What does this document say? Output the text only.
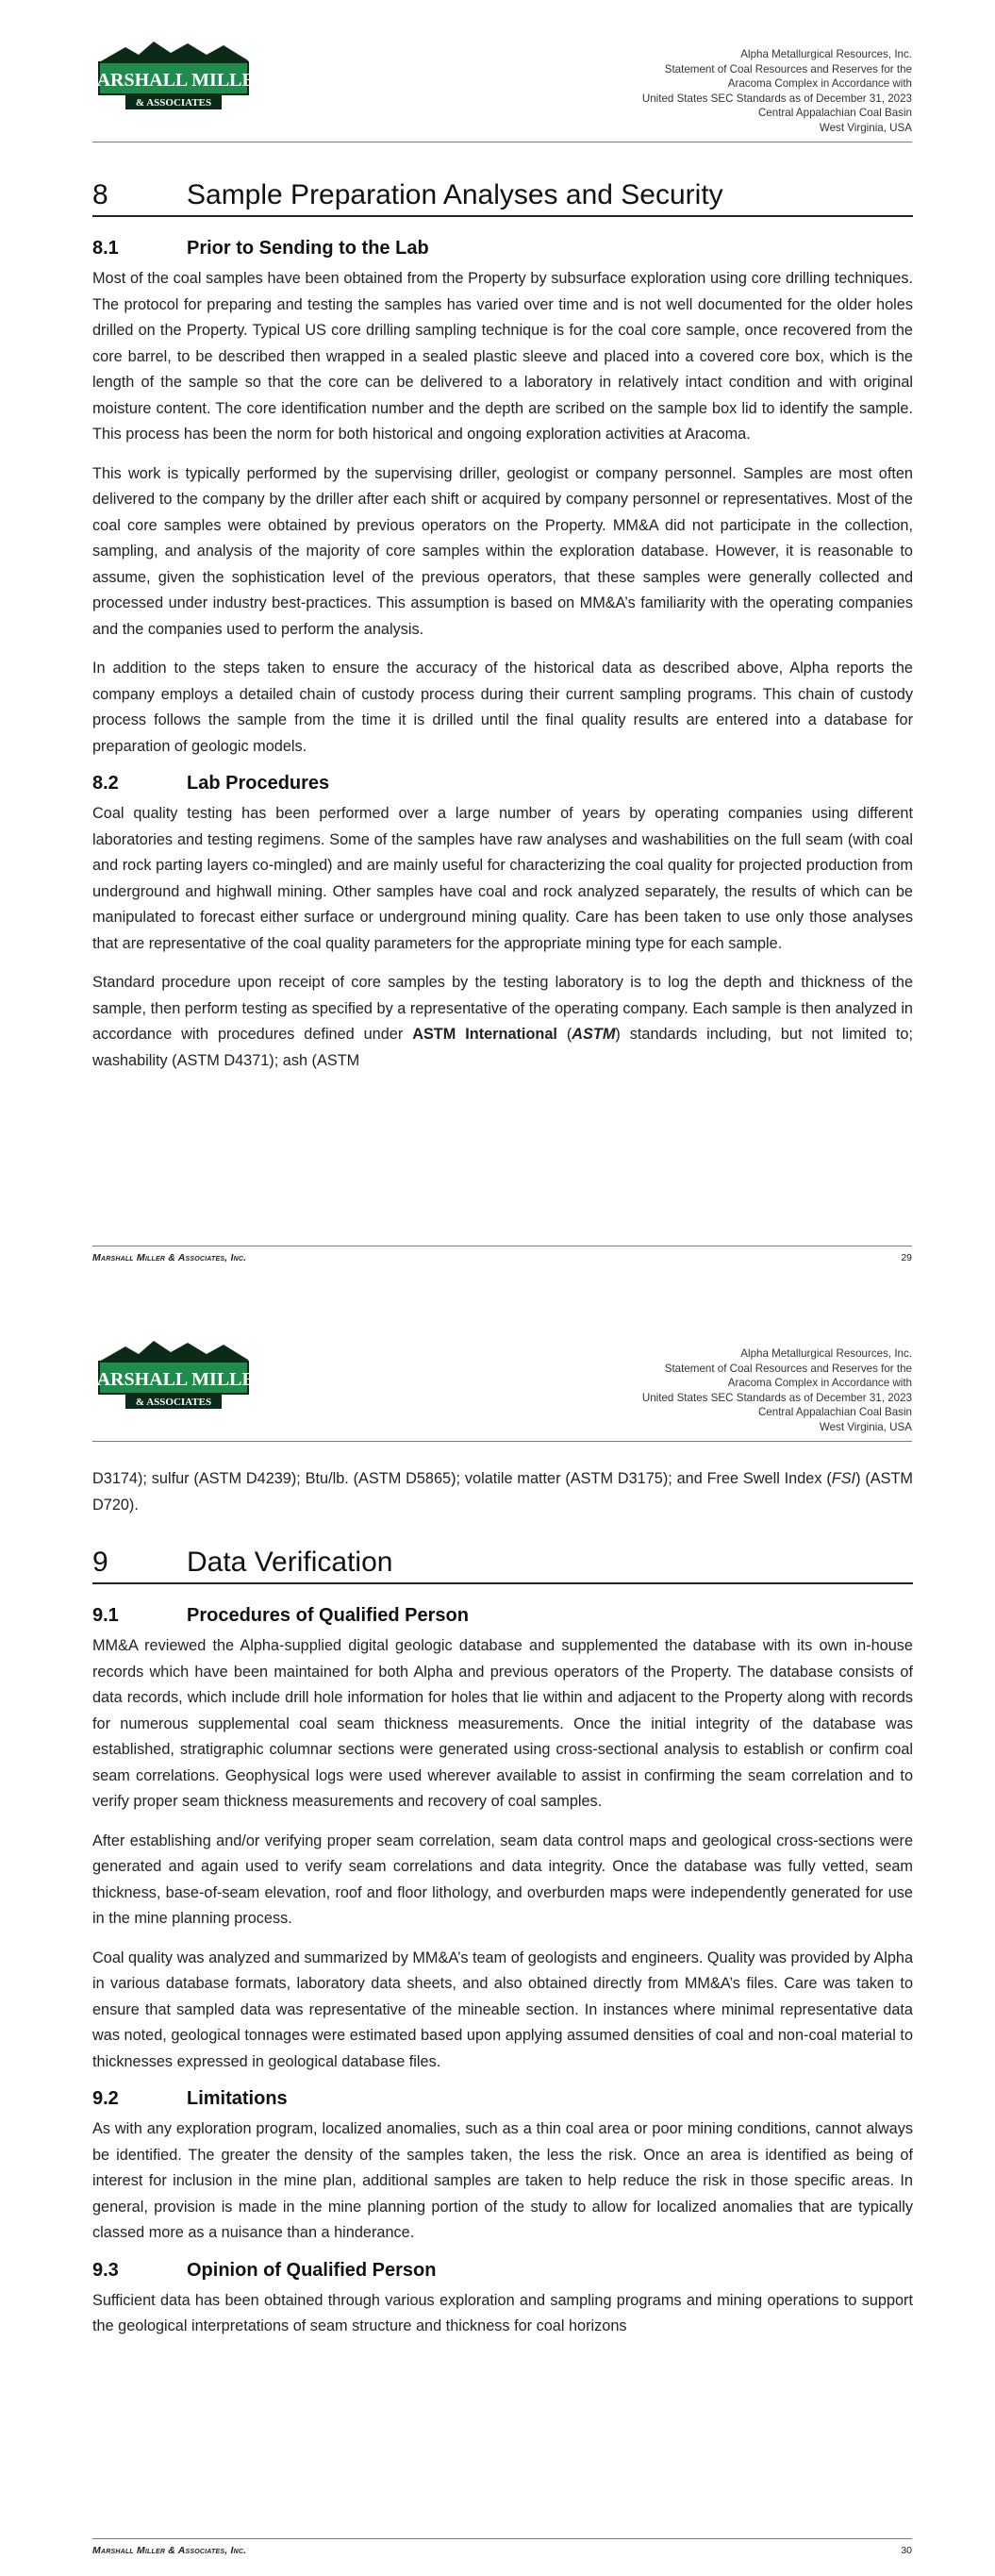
MARSHALL MILLER
& ASSOCIATES
Alpha Metallurgical Resources, Inc.
Statement of Coal Resources and Reserves for the
Aracoma Complex in Accordance with
United States SEC Standards as of December 31, 2023
Central Appalachian Coal Basin
West Virginia, USA
8	Sample Preparation Analyses and Security
8.1	Prior to Sending to the Lab

Most of the coal samples have been obtained from the Property by subsurface exploration using core drilling techniques. The protocol for preparing and testing the samples has varied over time and is not well documented for the older holes drilled on the Property. Typical US core drilling sampling technique is for the coal core sample, once recovered from the core barrel, to be described then wrapped in a sealed plastic sleeve and placed into a covered core box, which is the length of the sample so that the core can be delivered to a laboratory in relatively intact condition and with original moisture content. The core identification number and the depth are scribed on the sample box lid to identify the sample. This process has been the norm for both historical and ongoing exploration activities at Aracoma.

This work is typically performed by the supervising driller, geologist or company personnel. Samples are most often delivered to the company by the driller after each shift or acquired by company personnel or representatives. Most of the coal core samples were obtained by previous operators on the Property. MM&A did not participate in the collection, sampling, and analysis of the majority of core samples within the exploration database. However, it is reasonable to assume, given the sophistication level of the previous operators, that these samples were generally collected and processed under industry best-practices. This assumption is based on MM&A’s familiarity with the operating companies and the companies used to perform the analysis.

In addition to the steps taken to ensure the accuracy of the historical data as described above, Alpha reports the company employs a detailed chain of custody process during their current sampling programs. This chain of custody process follows the sample from the time it is drilled until the final quality results are entered into a database for preparation of geologic models.

8.2	Lab Procedures

Coal quality testing has been performed over a large number of years by operating companies using different laboratories and testing regimens. Some of the samples have raw analyses and washabilities on the full seam (with coal and rock parting layers co-mingled) and are mainly useful for characterizing the coal quality for projected production from underground and highwall mining. Other samples have coal and rock analyzed separately, the results of which can be manipulated to forecast either surface or underground mining quality. Care has been taken to use only those analyses that are representative of the coal quality parameters for the appropriate mining type for each sample.

Standard procedure upon receipt of core samples by the testing laboratory is to log the depth and thickness of the sample, then perform testing as specified by a representative of the operating company. Each sample is then analyzed in accordance with procedures defined under ASTM International (ASTM) standards including, but not limited to; washability (ASTM D4371); ash (ASTM

Marshall Miller & Associates, Inc.	29
MARSHALL MILLER
& ASSOCIATES
Alpha Metallurgical Resources, Inc.
Statement of Coal Resources and Reserves for the
Aracoma Complex in Accordance with
United States SEC Standards as of December 31, 2023
Central Appalachian Coal Basin
West Virginia, USA

D3174); sulfur (ASTM D4239); Btu/lb. (ASTM D5865); volatile matter (ASTM D3175); and Free Swell Index (FSI) (ASTM D720).

9	Data Verification
9.1	Procedures of Qualified Person

MM&A reviewed the Alpha-supplied digital geologic database and supplemented the database with its own in-house records which have been maintained for both Alpha and previous operators of the Property. The database consists of data records, which include drill hole information for holes that lie within and adjacent to the Property along with records for numerous supplemental coal seam thickness measurements. Once the initial integrity of the database was established, stratigraphic columnar sections were generated using cross-sectional analysis to establish or confirm coal seam correlations. Geophysical logs were used wherever available to assist in confirming the seam correlation and to verify proper seam thickness measurements and recovery of coal samples.

After establishing and/or verifying proper seam correlation, seam data control maps and geological cross-sections were generated and again used to verify seam correlations and data integrity. Once the database was fully vetted, seam thickness, base-of-seam elevation, roof and floor lithology, and overburden maps were independently generated for use in the mine planning process.

Coal quality was analyzed and summarized by MM&A’s team of geologists and engineers. Quality was provided by Alpha in various database formats, laboratory data sheets, and also obtained directly from MM&A’s files. Care was taken to ensure that sampled data was representative of the mineable section. In instances where minimal representative data was noted, geological tonnages were estimated based upon applying assumed densities of coal and non-coal material to thicknesses expressed in geological database files.

9.2	Limitations

As with any exploration program, localized anomalies, such as a thin coal area or poor mining conditions, cannot always be identified. The greater the density of the samples taken, the less the risk. Once an area is identified as being of interest for inclusion in the mine plan, additional samples are taken to help reduce the risk in those specific areas. In general, provision is made in the mine planning portion of the study to allow for localized anomalies that are typically classed more as a nuisance than a hinderance.

9.3	Opinion of Qualified Person

Sufficient data has been obtained through various exploration and sampling programs and mining operations to support the geological interpretations of seam structure and thickness for coal horizons

Marshall Miller & Associates, Inc.	30
